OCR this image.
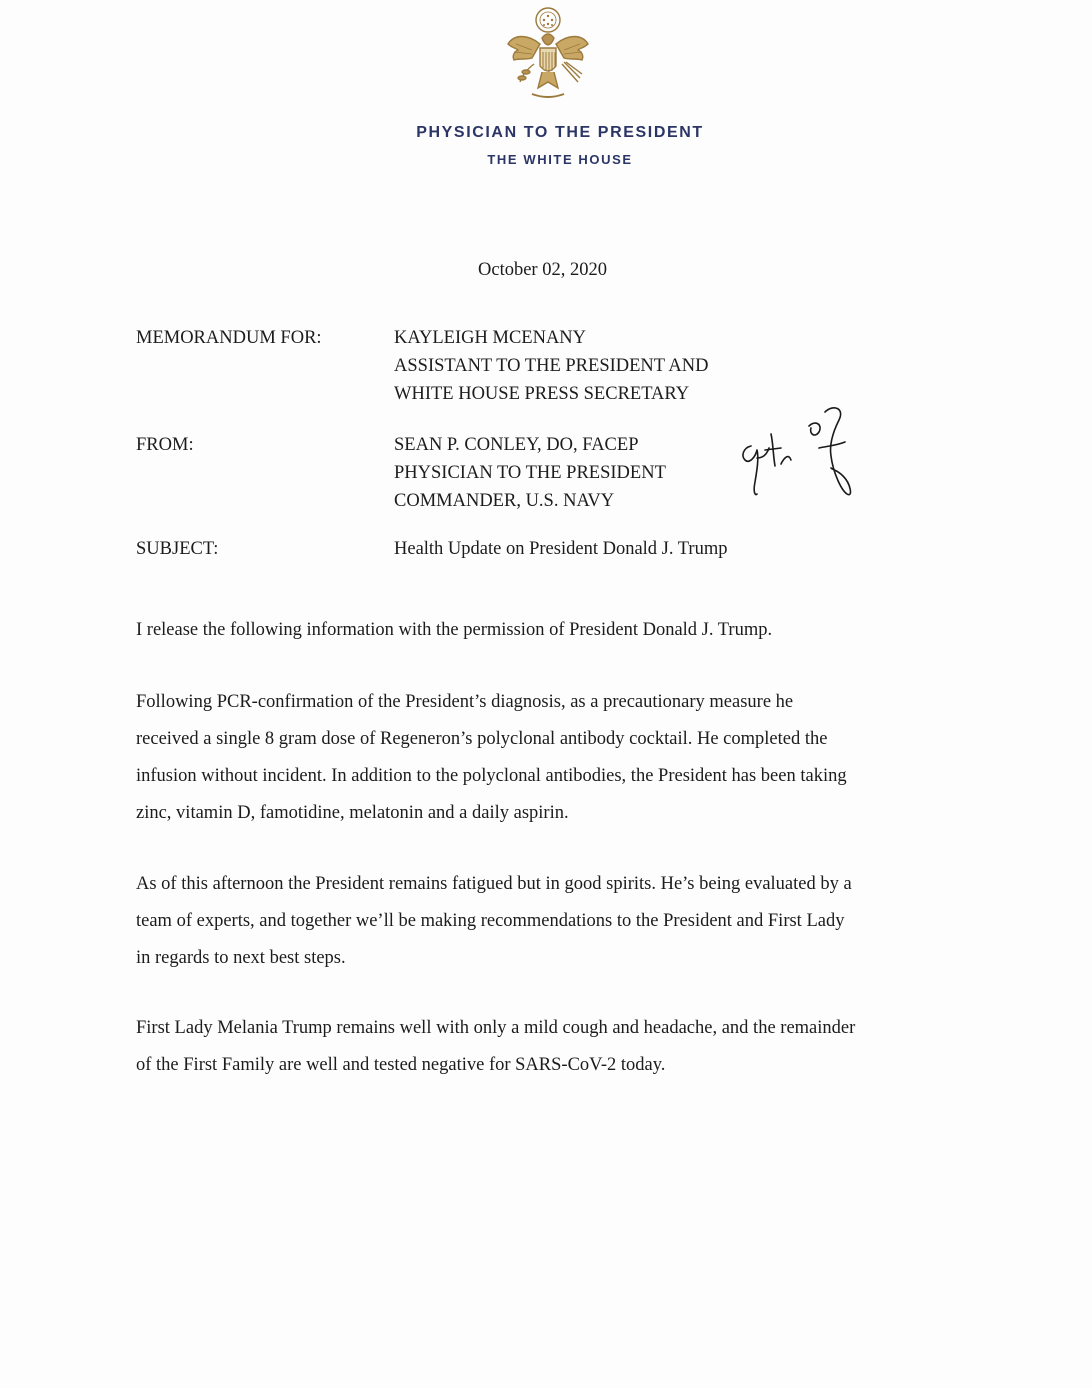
PHYSICIAN TO THE PRESIDENT
THE WHITE HOUSE
October 02, 2020
MEMORANDUM FOR:	KAYLEIGH MCENANY
ASSISTANT TO THE PRESIDENT AND
WHITE HOUSE PRESS SECRETARY
FROM:	SEAN P. CONLEY, DO, FACEP
PHYSICIAN TO THE PRESIDENT
COMMANDER, U.S. NAVY
SUBJECT:	Health Update on President Donald J. Trump
I release the following information with the permission of President Donald J. Trump.
Following PCR-confirmation of the President’s diagnosis, as a precautionary measure he
received a single 8 gram dose of Regeneron’s polyclonal antibody cocktail. He completed the
infusion without incident. In addition to the polyclonal antibodies, the President has been taking
zinc, vitamin D, famotidine, melatonin and a daily aspirin.
As of this afternoon the President remains fatigued but in good spirits. He’s being evaluated by a
team of experts, and together we’ll be making recommendations to the President and First Lady
in regards to next best steps.
First Lady Melania Trump remains well with only a mild cough and headache, and the remainder
of the First Family are well and tested negative for SARS-CoV-2 today.
